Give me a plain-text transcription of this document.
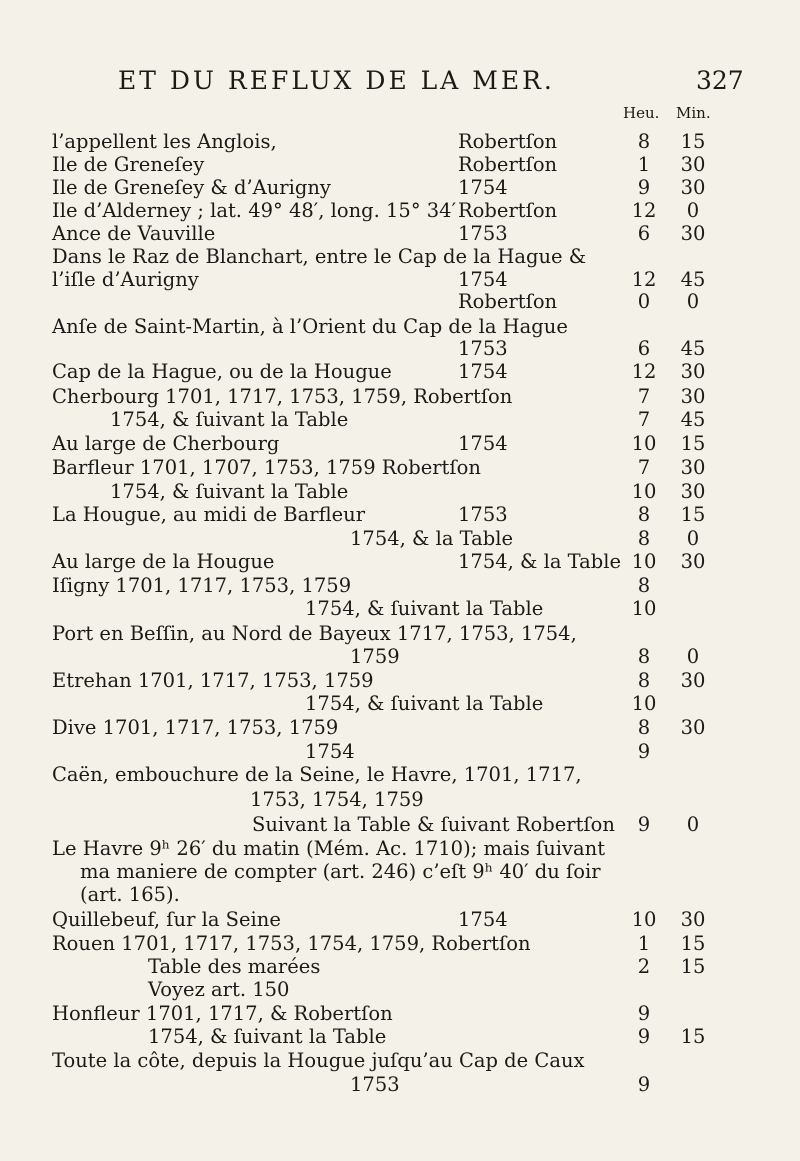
ET DU REFLUX DE LA MER.	327
Heu. Min.
l’appellent les Anglois,	Robertſon	8	15
Ile de Greneſey	Robertſon	1	30
Ile de Greneſey & d’Aurigny	1754	9	30
Ile d’Alderney ; lat. 49° 48′, long. 15° 34′ Robertſon	12	0
Ance de Vauville	1753	6	30
Dans le Raz de Blanchart, entre le Cap de la Hague &
l’iſle d’Aurigny	1754	12	45
Robertſon	0	0
Anſe de Saint-Martin, à l’Orient du Cap de la Hague
1753	6	45
Cap de la Hague, ou de la Hougue	1754	12	30
Cherbourg 1701, 1717, 1753, 1759, Robertſon	7	30
1754, & ſuivant la Table	7	45
Au large de Cherbourg	1754	10	15
Barfleur 1701, 1707, 1753, 1759 Robertſon	7	30
1754, & ſuivant la Table	10	30
La Hougue, au midi de Barfleur	1753	8	15
1754, & la Table	8	0
Au large de la Hougue	1754, & la Table 10	30
Iſigny 1701, 1717, 1753, 1759	8
1754, & ſuivant la Table	10
Port en Beſſin, au Nord de Bayeux 1717, 1753, 1754,
1759	8	0
Etrehan 1701, 1717, 1753, 1759	8	30
1754, & ſuivant la Table	10
Dive 1701, 1717, 1753, 1759	8	30
1754	9
Caën, embouchure de la Seine, le Havre, 1701, 1717,
1753, 1754, 1759
Suivant la Table & ſuivant Robertſon	9	0
Le Havre 9ʰ 26′ du matin (Mém. Ac. 1710); mais ſuivant
ma maniere de compter (art. 246) c’eſt 9ʰ 40′ du ſoir
(art. 165).
Quillebeuf, ſur la Seine	1754	10	30
Rouen 1701, 1717, 1753, 1754, 1759, Robertſon	1	15
Table des marées	2	15
Voyez art. 150
Honfleur 1701, 1717, & Robertſon	9
1754, & ſuivant la Table	9	15
Toute la côte, depuis la Hougue juſqu’au Cap de Caux
1753	9
